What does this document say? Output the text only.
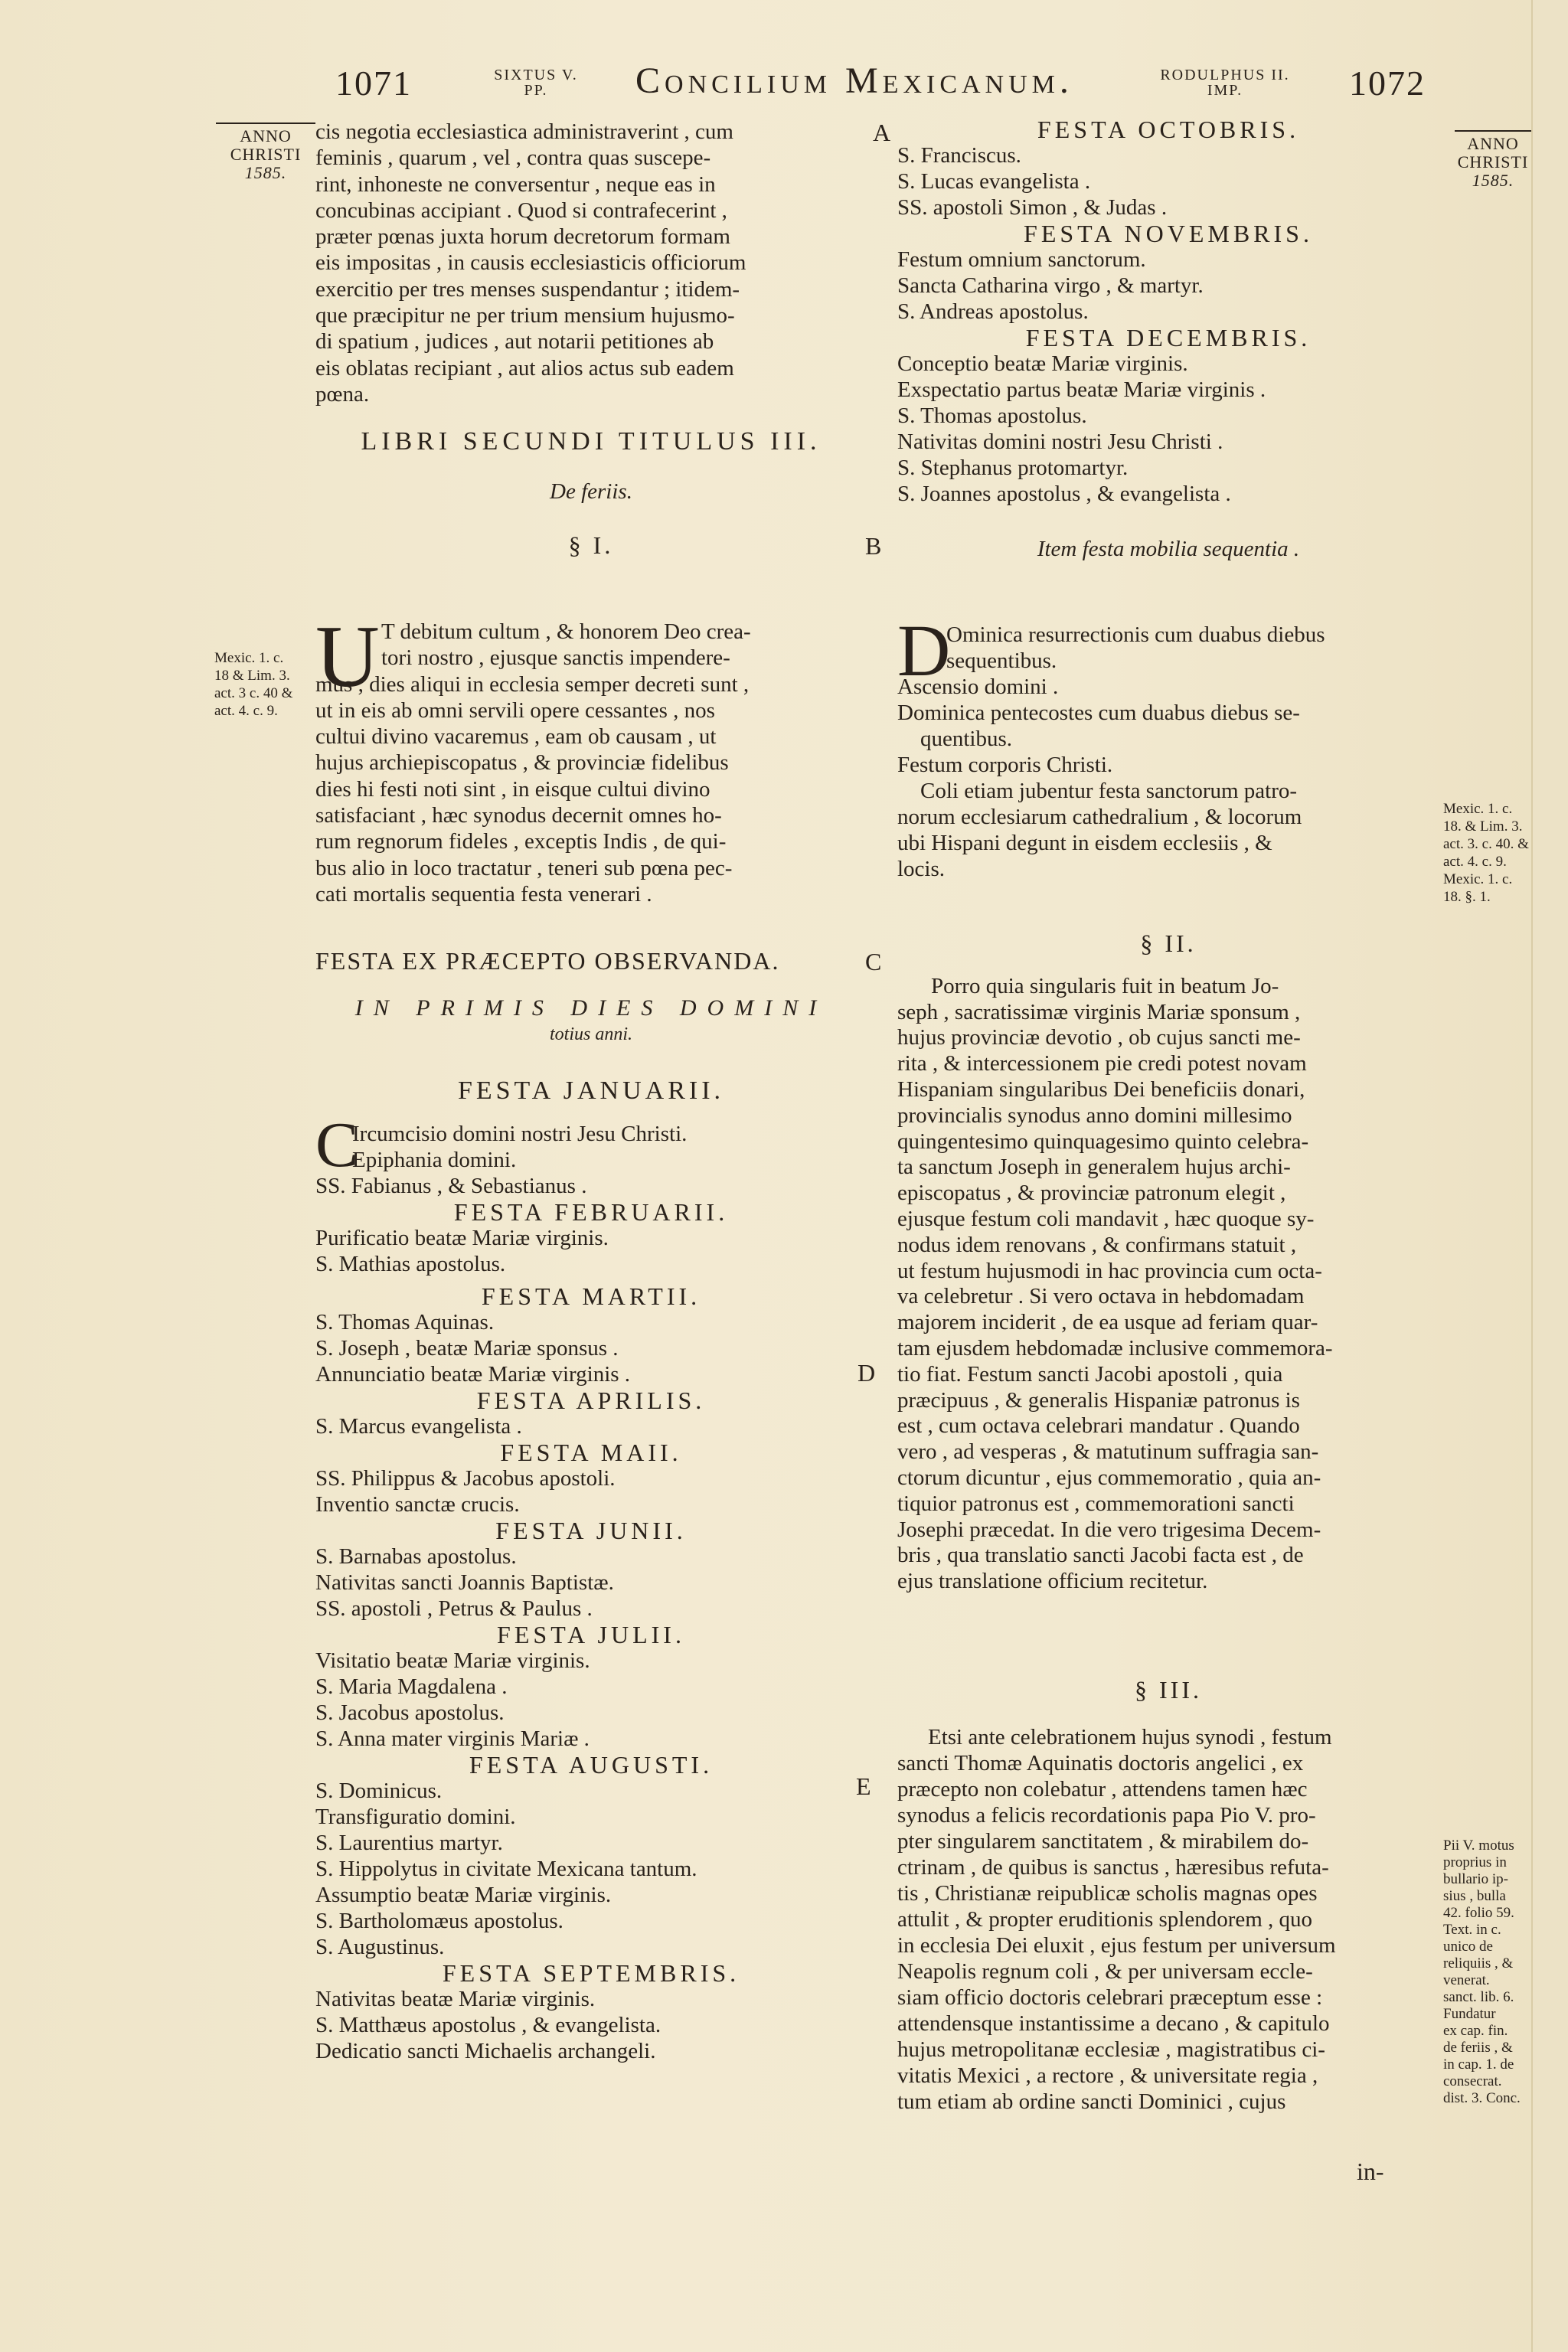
1071	SIXTUS V.
PP.	Concilium Mexicanum.	RODULPHUS II.
IMP.	1072
ANNO
CHRISTI
1585.
ANNO
CHRISTI
1585.
A
B
C
D
E
cis negotia ecclesiastica administraverint , cum
feminis , quarum , vel , contra quas suscepe-
rint, inhoneste ne conversentur , neque eas in
concubinas accipiant . Quod si contrafecerint ,
præter pœnas juxta horum decretorum formam
eis impositas , in causis ecclesiasticis officiorum
exercitio per tres menses suspendantur ; itidem-
que præcipitur ne per trium mensium hujusmo-
di spatium , judices , aut notarii petitiones ab
eis oblatas recipiant , aut alios actus sub eadem
pœna.
LIBRI SECUNDI TITULUS III.
De feriis.
§ I.
U T debitum cultum , & honorem Deo crea-
tori nostro , ejusque sanctis impendere-
mus , dies aliqui in ecclesia semper decreti sunt ,
ut in eis ab omni servili opere cessantes , nos
cultui divino vacaremus , eam ob causam , ut
hujus archiepiscopatus , & provinciæ fidelibus
dies hi festi noti sint , in eisque cultui divino
satisfaciant , hæc synodus decernit omnes ho-
rum regnorum fideles , exceptis Indis , de qui-
bus alio in loco tractatur , teneri sub pœna pec-
cati mortalis sequentia festa venerari .
Mexic. 1. c.
18 & Lim. 3.
act. 3 c. 40 &
act. 4. c. 9.
FESTA EX PRÆCEPTO OBSERVANDA.
IN PRIMIS DIES DOMINI
totius anni.
FESTA JANUARII.
C
Ircumcisio domini nostri Jesu Christi.
Epiphania domini.
SS. Fabianus , & Sebastianus .
FESTA FEBRUARII.
Purificatio beatæ Mariæ virginis.
S. Mathias apostolus.
FESTA MARTII.
S. Thomas Aquinas.
S. Joseph , beatæ Mariæ sponsus .
Annunciatio beatæ Mariæ virginis .
FESTA APRILIS.
S. Marcus evangelista .
FESTA MAII.
SS. Philippus & Jacobus apostoli.
Inventio sanctæ crucis.
FESTA JUNII.
S. Barnabas apostolus.
Nativitas sancti Joannis Baptistæ.
SS. apostoli , Petrus & Paulus .
FESTA JULII.
Visitatio beatæ Mariæ virginis.
S. Maria Magdalena .
S. Jacobus apostolus.
S. Anna mater virginis Mariæ .
FESTA AUGUSTI.
S. Dominicus.
Transfiguratio domini.
S. Laurentius martyr.
S. Hippolytus in civitate Mexicana tantum.
Assumptio beatæ Mariæ virginis.
S. Bartholomæus apostolus.
S. Augustinus.
FESTA SEPTEMBRIS.
Nativitas beatæ Mariæ virginis.
S. Matthæus apostolus , & evangelista.
Dedicatio sancti Michaelis archangeli.
FESTA OCTOBRIS.
S. Franciscus.
S. Lucas evangelista .
SS. apostoli Simon , & Judas .
FESTA NOVEMBRIS.
Festum omnium sanctorum.
Sancta Catharina virgo , & martyr.
S. Andreas apostolus.
FESTA DECEMBRIS.
Conceptio beatæ Mariæ virginis.
Exspectatio partus beatæ Mariæ virginis .
S. Thomas apostolus.
Nativitas domini nostri Jesu Christi .
S. Stephanus protomartyr.
S. Joannes apostolus , & evangelista .
Item festa mobilia sequentia .
D
Ominica resurrectionis cum duabus diebus
sequentibus.
Ascensio domini .
Dominica pentecostes cum duabus diebus se-
quentibus.
Festum corporis Christi.
Coli etiam jubentur festa sanctorum patro-
norum ecclesiarum cathedralium , & locorum
ubi Hispani degunt in eisdem ecclesiis , &
locis.
Mexic. 1. c.
18. & Lim. 3.
act. 3. c. 40. &
act. 4. c. 9.
Mexic. 1. c.
18. §. 1.
§ II.
Porro quia singularis fuit in beatum Jo-
seph , sacratissimæ virginis Mariæ sponsum ,
hujus provinciæ devotio , ob cujus sancti me-
rita , & intercessionem pie credi potest novam
Hispaniam singularibus Dei beneficiis donari,
provincialis synodus anno domini millesimo
quingentesimo quinquagesimo quinto celebra-
ta sanctum Joseph in generalem hujus archi-
episcopatus , & provinciæ patronum elegit ,
ejusque festum coli mandavit , hæc quoque sy-
nodus idem renovans , & confirmans statuit ,
ut festum hujusmodi in hac provincia cum octa-
va celebretur . Si vero octava in hebdomadam
majorem inciderit , de ea usque ad feriam quar-
tam ejusdem hebdomadæ inclusive commemora-
tio fiat. Festum sancti Jacobi apostoli , quia
præcipuus , & generalis Hispaniæ patronus is
est , cum octava celebrari mandatur . Quando
vero , ad vesperas , & matutinum suffragia san-
ctorum dicuntur , ejus commemoratio , quia an-
tiquior patronus est , commemorationi sancti
Josephi præcedat. In die vero trigesima Decem-
bris , qua translatio sancti Jacobi facta est , de
ejus translatione officium recitetur.
§ III.
Etsi ante celebrationem hujus synodi , festum
sancti Thomæ Aquinatis doctoris angelici , ex
præcepto non colebatur , attendens tamen hæc
synodus a felicis recordationis papa Pio V. pro-
pter singularem sanctitatem , & mirabilem do-
ctrinam , de quibus is sanctus , hæresibus refuta-
tis , Christianæ reipublicæ scholis magnas opes
attulit , & propter eruditionis splendorem , quo
in ecclesia Dei eluxit , ejus festum per universum
Neapolis regnum coli , & per universam eccle-
siam officio doctoris celebrari præceptum esse :
attendensque instantissime a decano , & capitulo
hujus metropolitanæ ecclesiæ , magistratibus ci-
vitatis Mexici , a rectore , & universitate regia ,
tum etiam ab ordine sancti Dominici , cujus
in-
Pii V. motus
proprius in
bullario ip-
sius , bulla
42. folio 59.
Text. in c.
unico de
reliquiis , &
venerat.
sanct. lib. 6.
Fundatur
ex cap. fin.
de feriis , &
in cap. 1. de
consecrat.
dist. 3. Conc.
